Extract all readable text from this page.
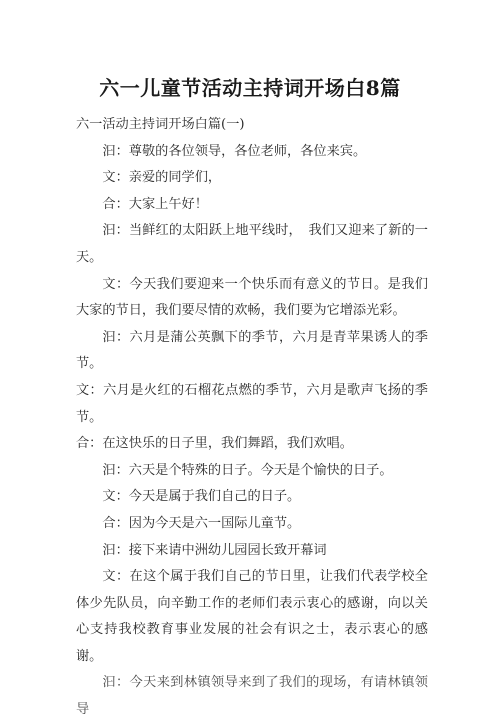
六一儿童节活动主持词开场白8篇

六一活动主持词开场白篇(一)

汩：尊敬的各位领导，各位老师，各位来宾。

文：亲爱的同学们，

合：大家上午好！

汩：当鲜红的太阳跃上地平线时，　我们又迎来了新的一天。

文：今天我们要迎来一个快乐而有意义的节日。是我们大家的节日，我们要尽情的欢畅，我们要为它增添光彩。

汩：六月是蒲公英飘下的季节，六月是青苹果诱人的季节。

文：六月是火红的石榴花点燃的季节，六月是歌声飞扬的季节。

合：在这快乐的日子里，我们舞蹈，我们欢唱。

汩：六天是个特殊的日子。今天是个愉快的日子。

文：今天是属于我们自己的日子。

合：因为今天是六一国际儿童节。

汩：接下来请中洲幼儿园园长致开幕词

文：在这个属于我们自己的节日里，让我们代表学校全体少先队员，向辛勤工作的老师们表示衷心的感谢，向以关心支持我校教育事业发展的社会有识之士，表示衷心的感谢。

汩：今天来到林镇领导来到了我们的现场，有请林镇领导
